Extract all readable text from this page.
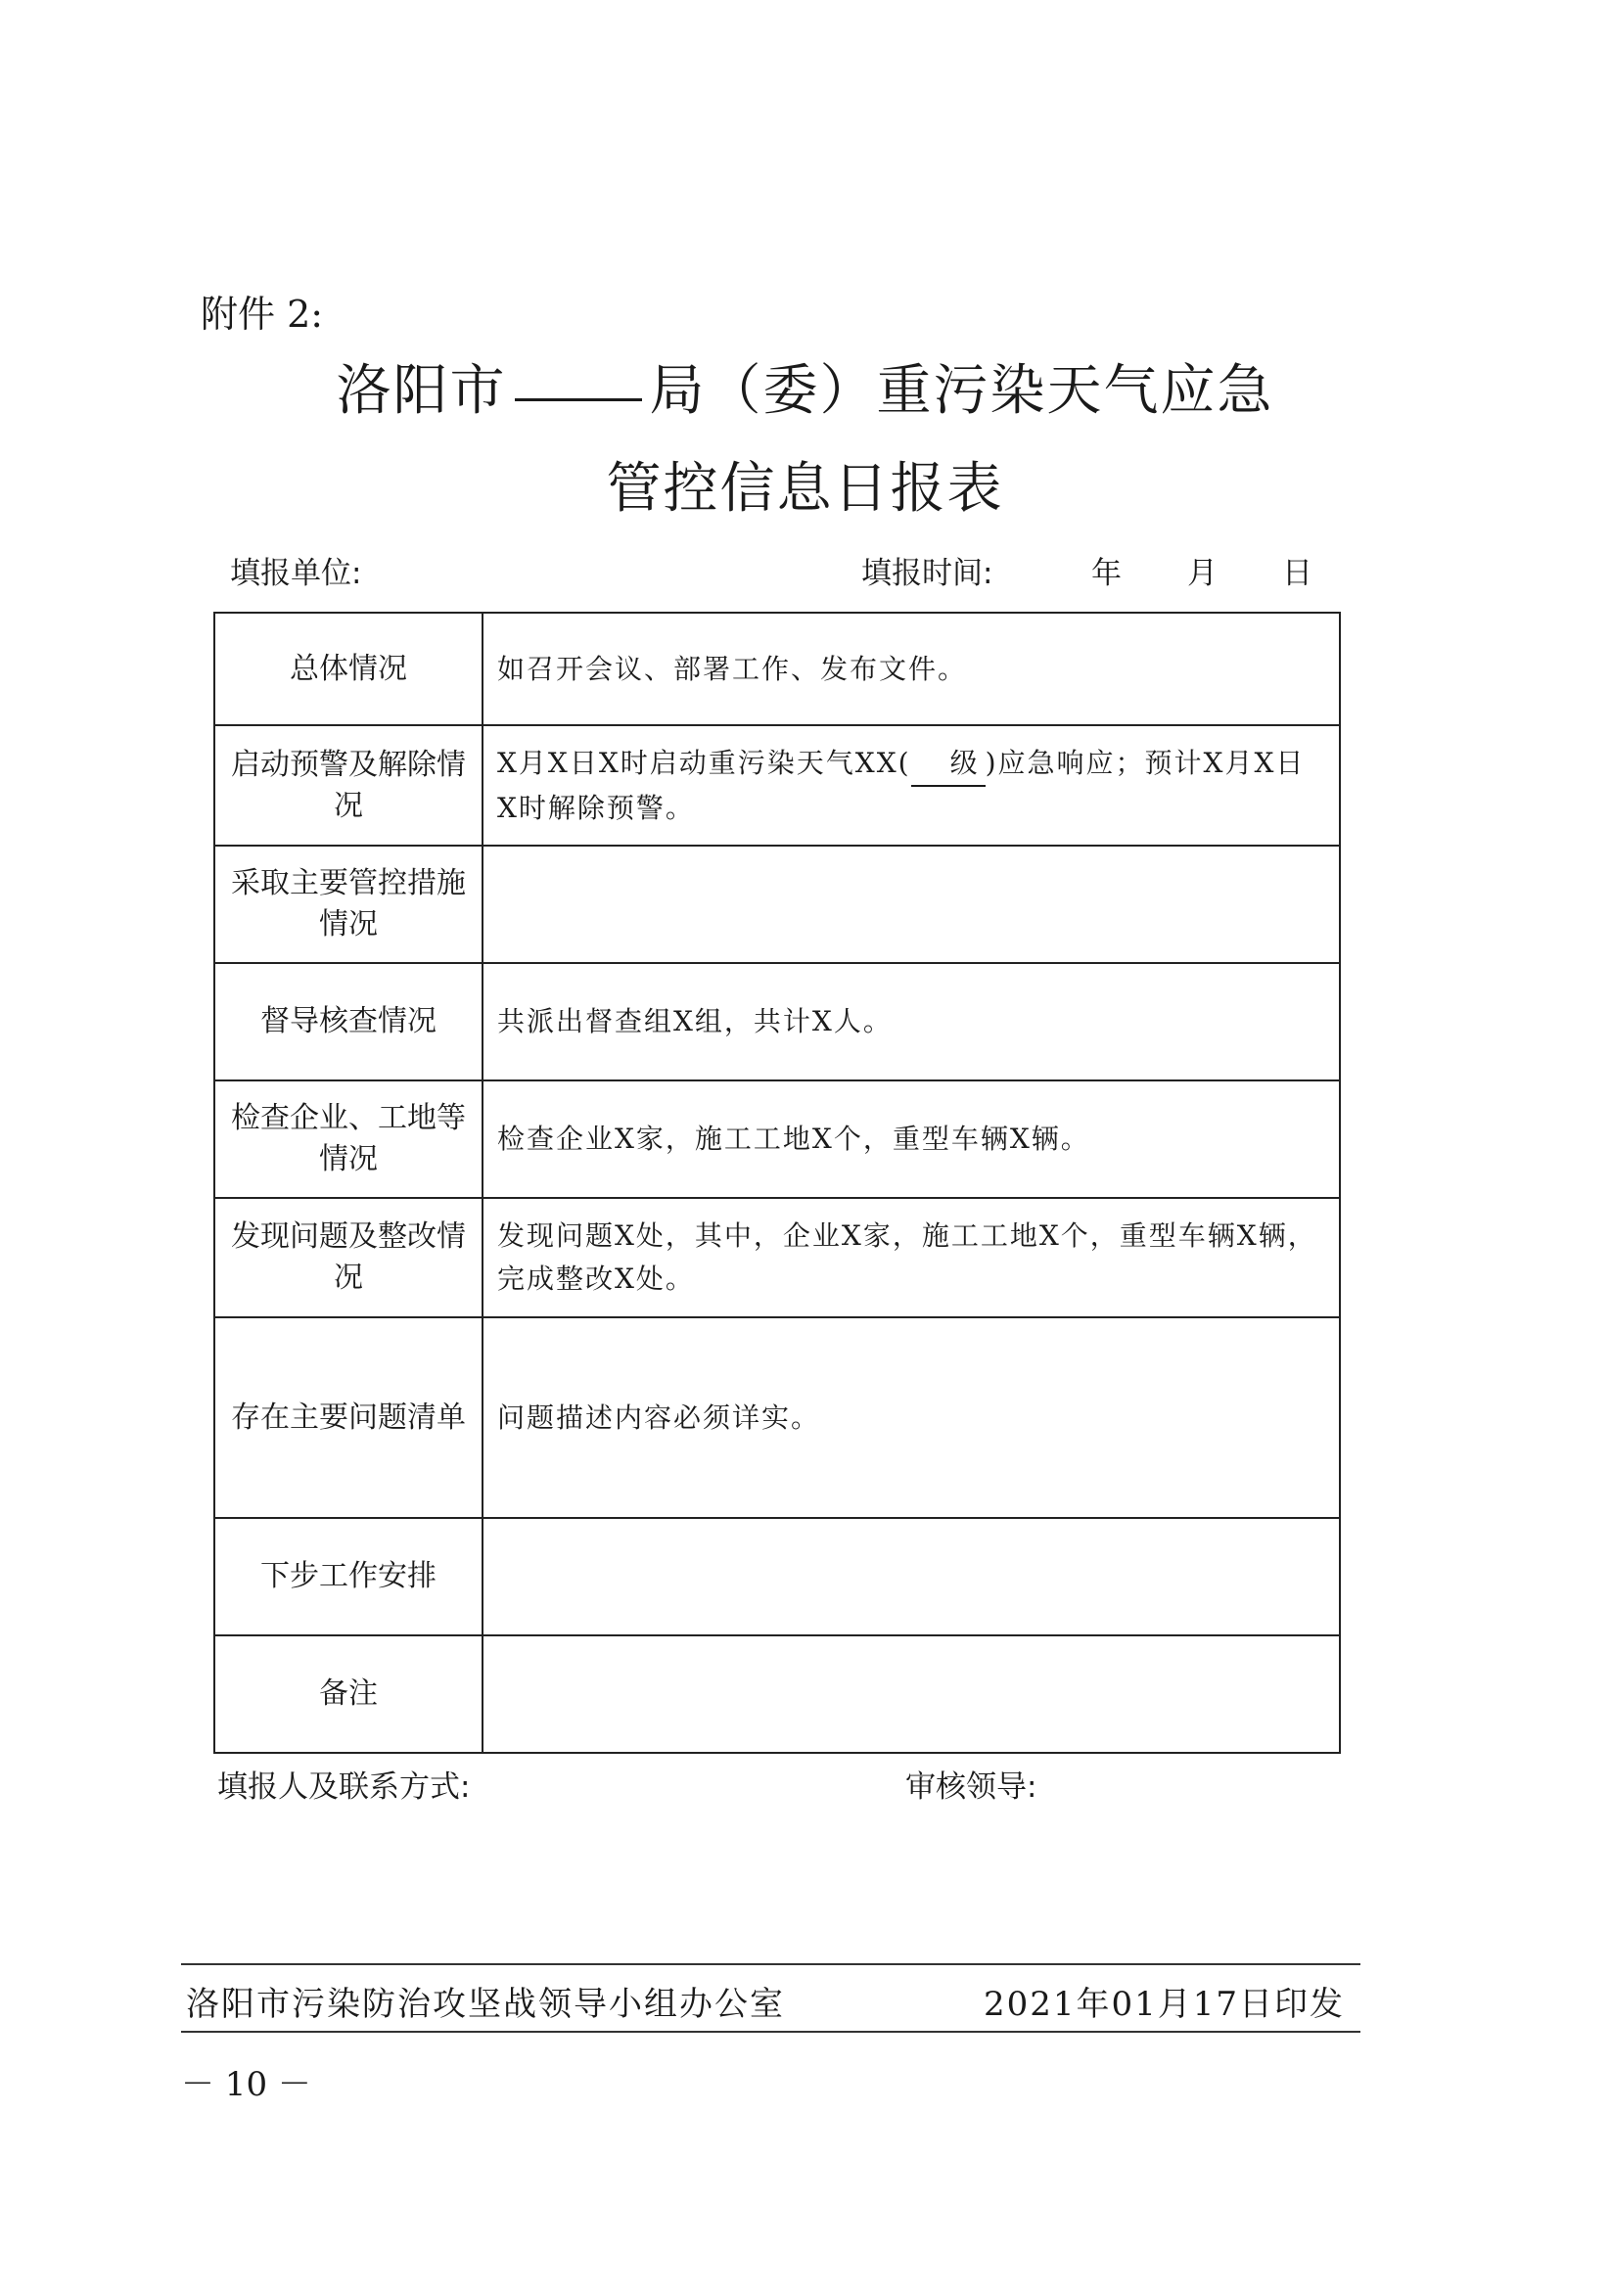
附件 2:
洛阳市	局（委）重污染天气应急
管控信息日报表
填报单位:	填报时间:	年 月 日
总体情况	如召开会议、部署工作、发布文件。
启动预警及解除情况	X月X日X时启动重污染天气XX( 级 )应急响应；预计X月X日X时解除预警。
采取主要管控措施情况	
督导核查情况	共派出督查组X组，共计X人。
检查企业、工地等情况	检查企业X家，施工工地X个，重型车辆X辆。
发现问题及整改情况	发现问题X处，其中，企业X家，施工工地X个，重型车辆X辆，完成整改X处。
存在主要问题清单	问题描述内容必须详实。
下步工作安排	
备注	
填报人及联系方式:	审核领导:
洛阳市污染防治攻坚战领导小组办公室	2021年01月17日印发
－ 10 －
